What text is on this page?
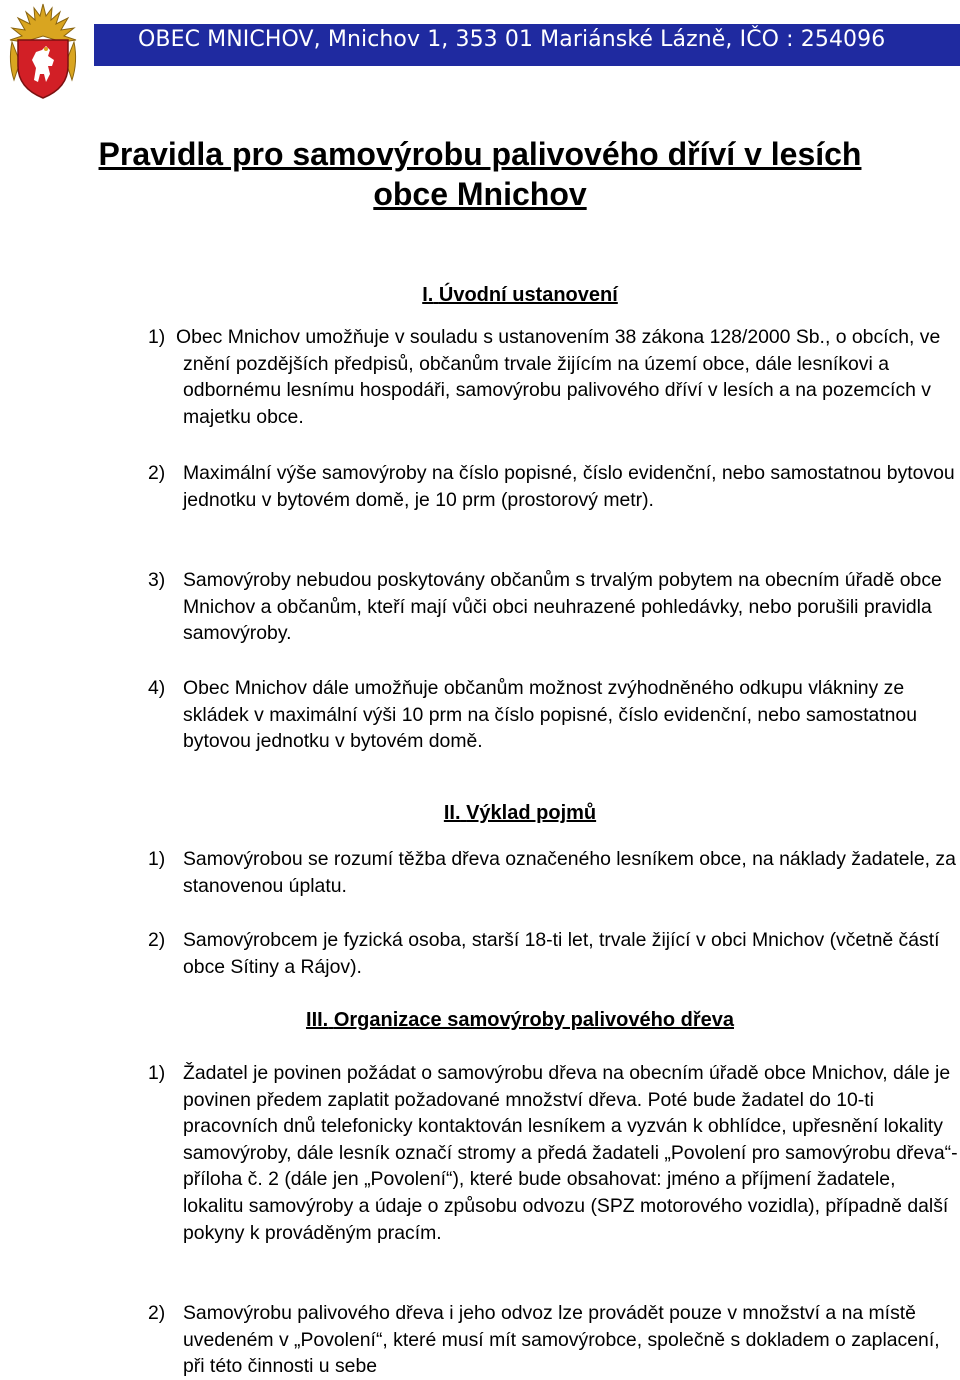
OBEC MNICHOV, Mnichov 1, 353 01 Mariánské Lázně, IČO : 254096
Pravidla pro samovýrobu palivového dříví v lesích
obce Mnichov
I. Úvodní ustanovení
1) Obec Mnichov umožňuje v souladu s ustanovením 38 zákona 128/2000 Sb., o obcích, ve znění pozdějších předpisů, občanům trvale žijícím na území obce, dále lesníkovi a odbornému lesnímu hospodáři, samovýrobu palivového dříví v lesích a na pozemcích v majetku obce.
2) Maximální výše samovýroby na číslo popisné, číslo evidenční, nebo samostatnou bytovou jednotku v bytovém domě, je 10 prm (prostorový metr).
3) Samovýroby nebudou poskytovány občanům s trvalým pobytem na obecním úřadě obce Mnichov a občanům, kteří mají vůči obci neuhrazené pohledávky, nebo porušili pravidla samovýroby.
4) Obec Mnichov dále umožňuje občanům možnost zvýhodněného odkupu vlákniny ze skládek v maximální výši 10 prm na číslo popisné, číslo evidenční, nebo samostatnou bytovou jednotku v bytovém domě.
II. Výklad pojmů
1) Samovýrobou se rozumí těžba dřeva označeného lesníkem obce, na náklady žadatele, za stanovenou úplatu.
2) Samovýrobcem je fyzická osoba, starší 18-ti let, trvale žijící v obci Mnichov (včetně částí obce Sítiny a Rájov).
III. Organizace samovýroby palivového dřeva
1) Žadatel je povinen požádat o samovýrobu dřeva na obecním úřadě obce Mnichov, dále je povinen předem zaplatit požadované množství dřeva. Poté bude žadatel do 10-ti pracovních dnů telefonicky kontaktován lesníkem a vyzván k obhlídce, upřesnění lokality samovýroby, dále lesník označí stromy a předá žadateli „Povolení pro samovýrobu dřeva“- příloha č. 2 (dále jen „Povolení“), které bude obsahovat: jméno a příjmení žadatele, lokalitu samovýroby a údaje o způsobu odvozu (SPZ motorového vozidla), případně další pokyny k prováděným pracím.
2) Samovýrobu palivového dřeva i jeho odvoz lze provádět pouze v množství a na místě uvedeném v „Povolení“, které musí mít samovýrobce, společně s dokladem o zaplacení, při této činnosti u sebe
